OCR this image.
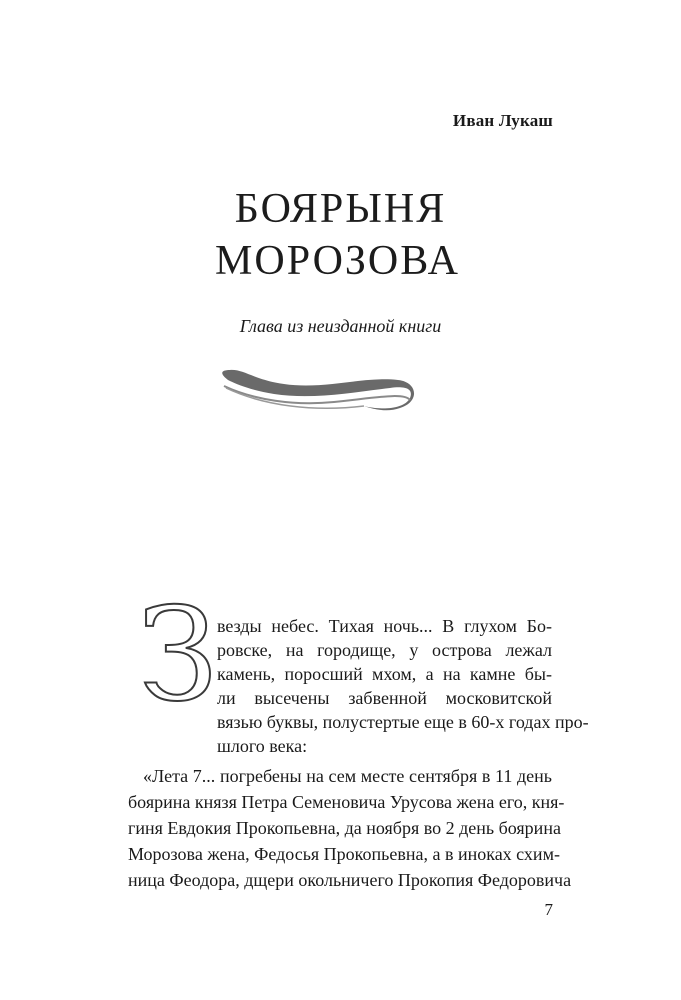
Иван Лукаш
БОЯРЫНЯ
МОРОЗОВА
Глава из неизданной книги
З везды небес. Тихая ночь... В глухом Бо-
ровске, на городище, у острова лежал
камень, поросший мхом, а на камне бы-
ли высечены забвенной московитской
вязью буквы, полустертые еще в 60-х годах про-
шлого века:
«Лета 7... погребены на сем месте сентября в 11 день
боярина князя Петра Семеновича Урусова жена его, кня-
гиня Евдокия Прокопьевна, да ноября во 2 день боярина
Морозова жена, Федосья Прокопьевна, а в иноках схим-
ница Феодора, дщери окольничего Прокопия Федоровича
7
